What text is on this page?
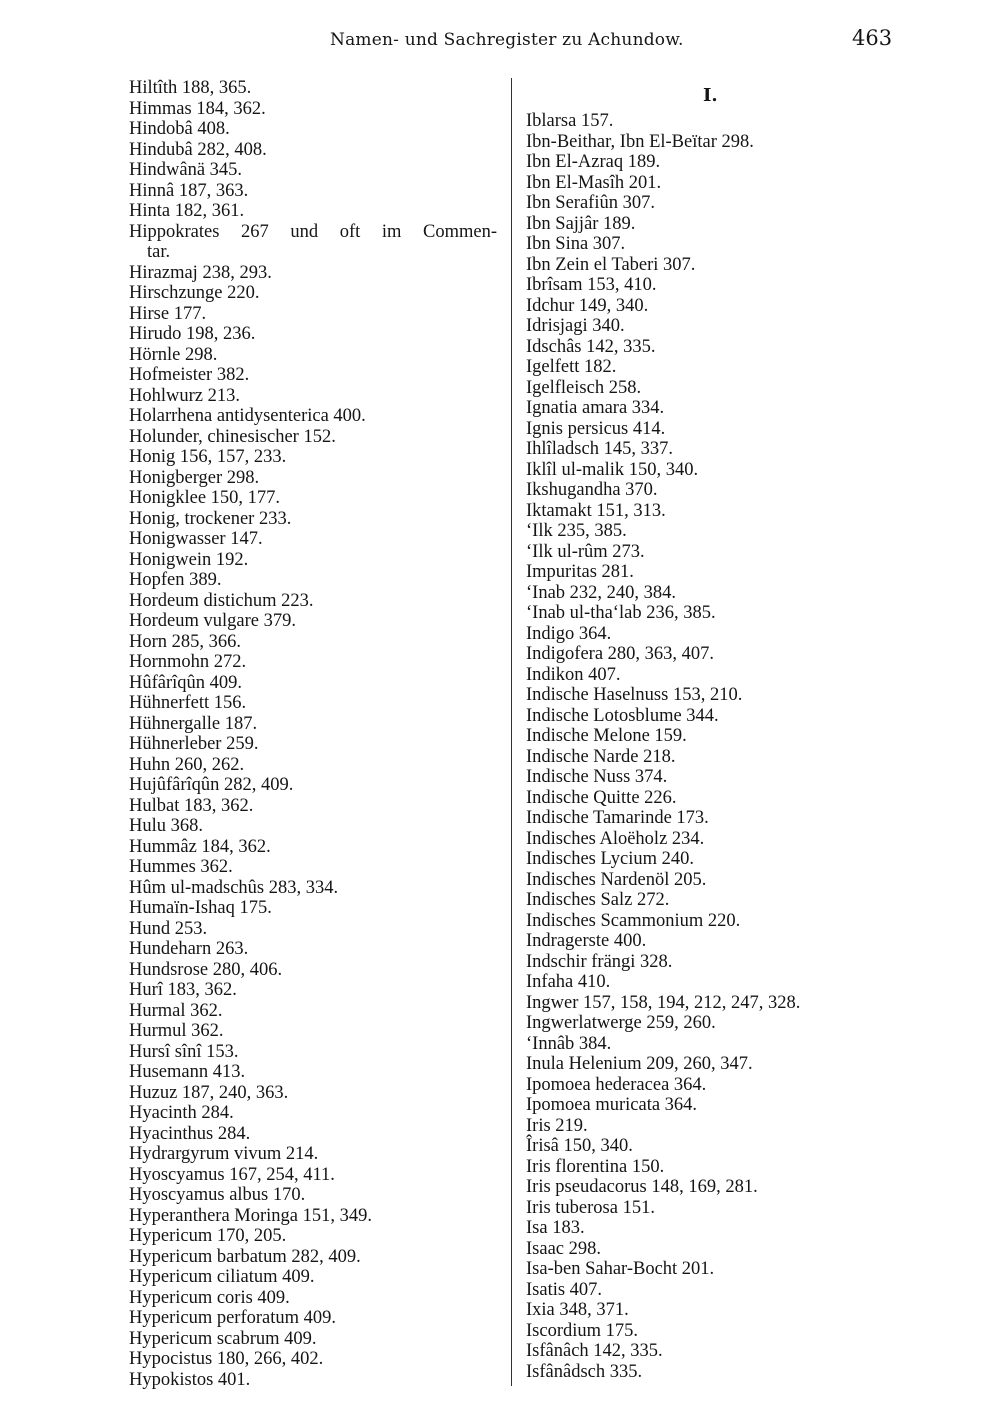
Namen- und Sachregister zu Achundow.	463
Hiltîth 188, 365.
Himmas 184, 362.
Hindobâ 408.
Hindubâ 282, 408.
Hindwânä 345.
Hinnâ 187, 363.
Hinta 182, 361.
Hippokrates 267 und oft im Commen-
tar.
Hirazmaj 238, 293.
Hirschzunge 220.
Hirse 177.
Hirudo 198, 236.
Hörnle 298.
Hofmeister 382.
Hohlwurz 213.
Holarrhena antidysenterica 400.
Holunder, chinesischer 152.
Honig 156, 157, 233.
Honigberger 298.
Honigklee 150, 177.
Honig, trockener 233.
Honigwasser 147.
Honigwein 192.
Hopfen 389.
Hordeum distichum 223.
Hordeum vulgare 379.
Horn 285, 366.
Hornmohn 272.
Hûfârîqûn 409.
Hühnerfett 156.
Hühnergalle 187.
Hühnerleber 259.
Huhn 260, 262.
Hujûfârîqûn 282, 409.
Hulbat 183, 362.
Hulu 368.
Hummâz 184, 362.
Hummes 362.
Hûm ul-madschûs 283, 334.
Humaïn-Ishaq 175.
Hund 253.
Hundeharn 263.
Hundsrose 280, 406.
Hurî 183, 362.
Hurmal 362.
Hurmul 362.
Hursî sînî 153.
Husemann 413.
Huzuz 187, 240, 363.
Hyacinth 284.
Hyacinthus 284.
Hydrargyrum vivum 214.
Hyoscyamus 167, 254, 411.
Hyoscyamus albus 170.
Hyperanthera Moringa 151, 349.
Hypericum 170, 205.
Hypericum barbatum 282, 409.
Hypericum ciliatum 409.
Hypericum coris 409.
Hypericum perforatum 409.
Hypericum scabrum 409.
Hypocistus 180, 266, 402.
Hypokistos 401.
I.
Iblarsa 157.
Ibn-Beithar, Ibn El-Beïtar 298.
Ibn El-Azraq 189.
Ibn El-Masîh 201.
Ibn Serafiûn 307.
Ibn Sajjâr 189.
Ibn Sina 307.
Ibn Zein el Taberi 307.
Ibrîsam 153, 410.
Idchur 149, 340.
Idrisjagi 340.
Idschâs 142, 335.
Igelfett 182.
Igelfleisch 258.
Ignatia amara 334.
Ignis persicus 414.
Ihlîladsch 145, 337.
Iklîl ul-malik 150, 340.
Ikshugandha 370.
Iktamakt 151, 313.
‘Ilk 235, 385.
‘Ilk ul-rûm 273.
Impuritas 281.
‘Inab 232, 240, 384.
‘Inab ul-tha‘lab 236, 385.
Indigo 364.
Indigofera 280, 363, 407.
Indikon 407.
Indische Haselnuss 153, 210.
Indische Lotosblume 344.
Indische Melone 159.
Indische Narde 218.
Indische Nuss 374.
Indische Quitte 226.
Indische Tamarinde 173.
Indisches Aloëholz 234.
Indisches Lycium 240.
Indisches Nardenöl 205.
Indisches Salz 272.
Indisches Scammonium 220.
Indragerste 400.
Indschir frängi 328.
Infaha 410.
Ingwer 157, 158, 194, 212, 247, 328.
Ingwerlatwerge 259, 260.
‘Innâb 384.
Inula Helenium 209, 260, 347.
Ipomoea hederacea 364.
Ipomoea muricata 364.
Iris 219.
Îrisâ 150, 340.
Iris florentina 150.
Iris pseudacorus 148, 169, 281.
Iris tuberosa 151.
Isa 183.
Isaac 298.
Isa-ben Sahar-Bocht 201.
Isatis 407.
Ixia 348, 371.
Iscordium 175.
Isfânâch 142, 335.
Isfânâdsch 335.
